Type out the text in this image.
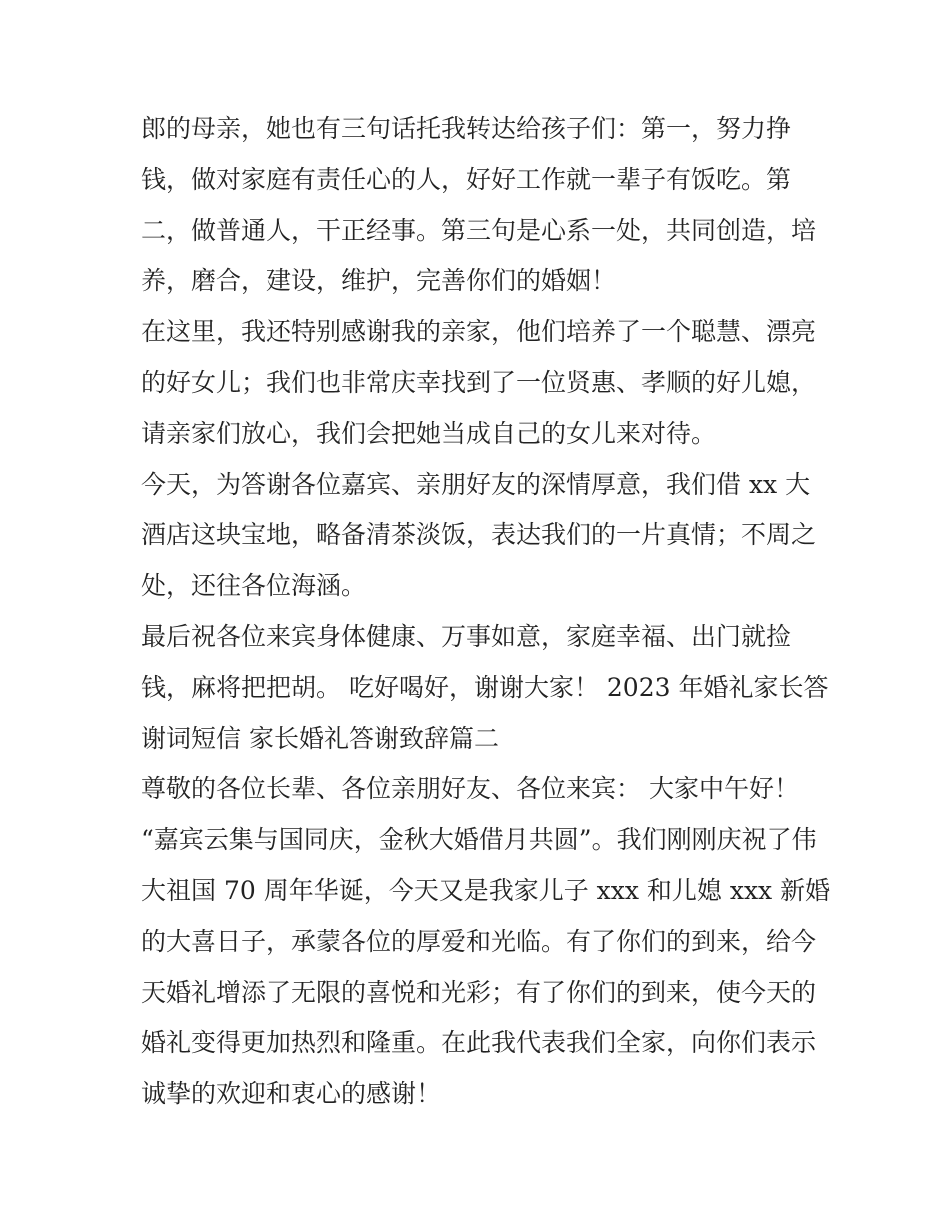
郎的母亲，她也有三句话托我转达给孩子们：第一，努力挣
钱，做对家庭有责任心的人，好好工作就一辈子有饭吃。第
二，做普通人，干正经事。第三句是心系一处，共同创造，培
养，磨合，建设，维护，完善你们的婚姻！
在这里，我还特别感谢我的亲家，他们培养了一个聪慧、漂亮
的好女儿；我们也非常庆幸找到了一位贤惠、孝顺的好儿媳，
请亲家们放心，我们会把她当成自己的女儿来对待。
今天，为答谢各位嘉宾、亲朋好友的深情厚意，我们借 xx 大
酒店这块宝地，略备清茶淡饭，表达我们的一片真情；不周之
处，还往各位海涵。
最后祝各位来宾身体健康、万事如意，家庭幸福、出门就捡
钱，麻将把把胡。 吃好喝好，谢谢大家！ 2023 年婚礼家长答
谢词短信 家长婚礼答谢致辞篇二
尊敬的各位长辈、各位亲朋好友、各位来宾： 大家中午好！
“嘉宾云集与国同庆，金秋大婚借月共圆”。我们刚刚庆祝了伟
大祖国 70 周年华诞，今天又是我家儿子 xxx 和儿媳 xxx 新婚
的大喜日子，承蒙各位的厚爱和光临。有了你们的到来，给今
天婚礼增添了无限的喜悦和光彩；有了你们的到来，使今天的
婚礼变得更加热烈和隆重。在此我代表我们全家，向你们表示
诚挚的欢迎和衷心的感谢！
